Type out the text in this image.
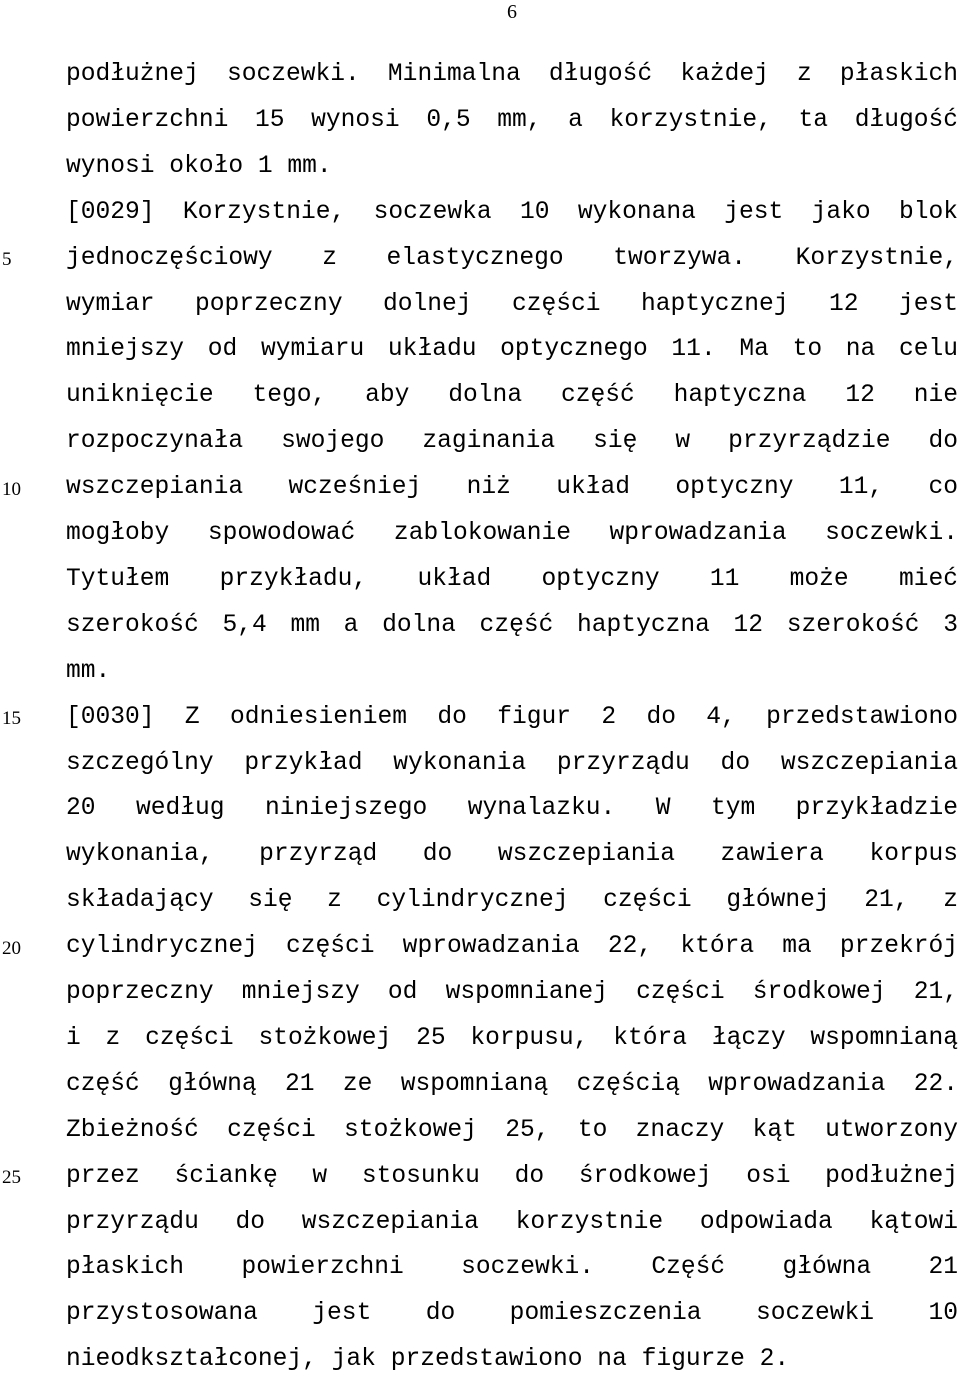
6
5
10
15
20
25
podłużnej soczewki. Minimalna długość każdej z płaskich
powierzchni 15 wynosi 0,5 mm, a korzystnie, ta długość
wynosi około 1 mm.
[0029] Korzystnie, soczewka 10 wykonana jest jako blok
jednoczęściowy z elastycznego tworzywa. Korzystnie,
wymiar poprzeczny dolnej części haptycznej 12 jest
mniejszy od wymiaru układu optycznego 11. Ma to na celu
uniknięcie tego, aby dolna część haptyczna 12 nie
rozpoczynała swojego zaginania się w przyrządzie do
wszczepiania wcześniej niż układ optyczny 11, co
mogłoby spowodować zablokowanie wprowadzania soczewki.
Tytułem przykładu, układ optyczny 11 może mieć
szerokość 5,4 mm a dolna część haptyczna 12 szerokość 3
mm.
[0030] Z odniesieniem do figur 2 do 4, przedstawiono
szczególny przykład wykonania przyrządu do wszczepiania
20 według niniejszego wynalazku. W tym przykładzie
wykonania, przyrząd do wszczepiania zawiera korpus
składający się z cylindrycznej części głównej 21, z
cylindrycznej części wprowadzania 22, która ma przekrój
poprzeczny mniejszy od wspomnianej części środkowej 21,
i z części stożkowej 25 korpusu, która łączy wspomnianą
część główną 21 ze wspomnianą częścią wprowadzania 22.
Zbieżność części stożkowej 25, to znaczy kąt utworzony
przez ściankę w stosunku do środkowej osi podłużnej
przyrządu do wszczepiania korzystnie odpowiada kątowi
płaskich powierzchni soczewki. Część główna 21
przystosowana jest do pomieszczenia soczewki 10
nieodkształconej, jak przedstawiono na figurze 2.
